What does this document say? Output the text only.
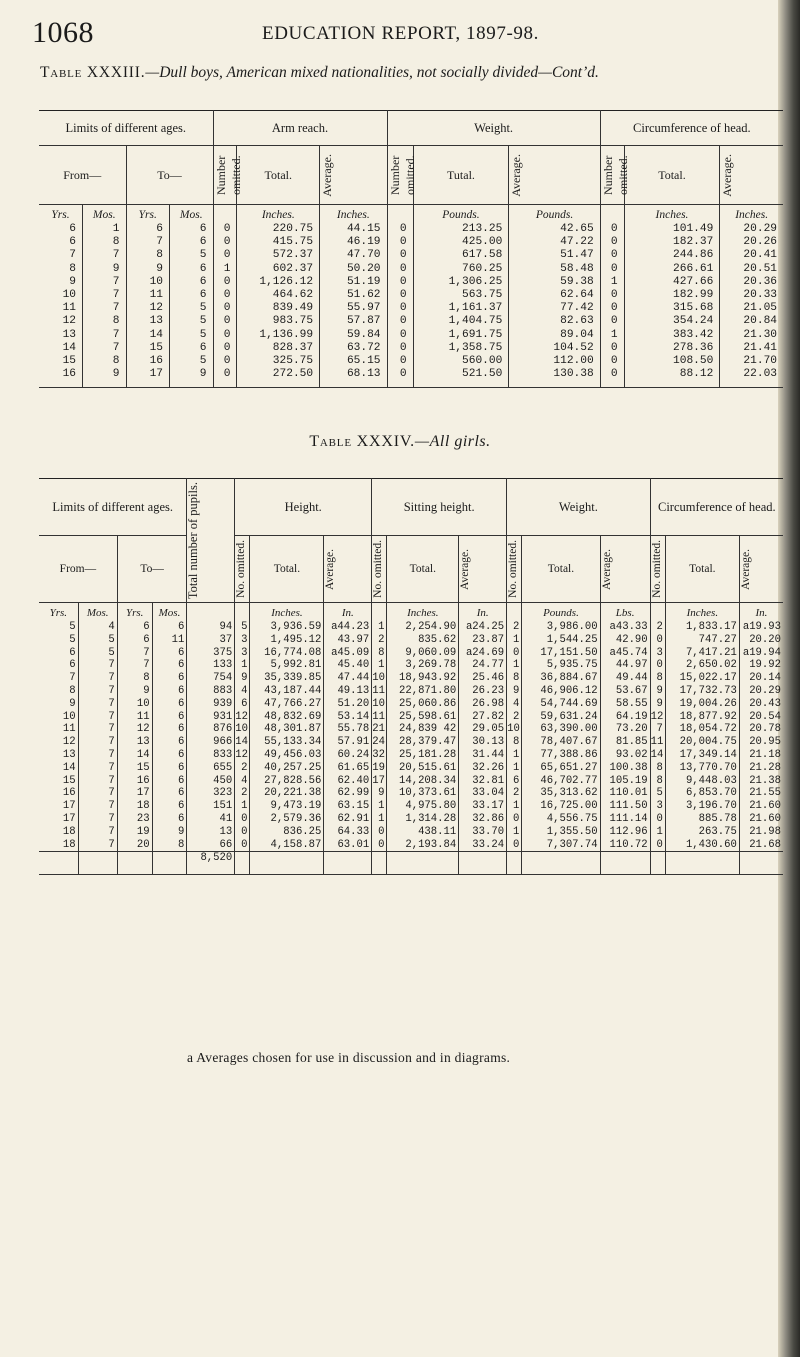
1068	EDUCATION REPORT, 1897-98.
Table XXXIII.—Dull boys, American mixed nationalities, not socially divided—Cont’d.
Limits of different ages.				Arm reach.			Weight.			Circumference of head.		
From—		To—		Number omitted.	Total.	Average.	Number omitted.	Tutal.	Average.	Number omitted.	Total.	Average.

Yrs.	Mos.	Yrs.	Mos.		Inches.	Inches.		Pounds.	Pounds.		Inches.	Inches.
6	1	6	6	0	220.75	44.15	0	213.25	42.65	0	101.49	20.29
6	8	7	6	0	415.75	46.19	0	425.00	47.22	0	182.37	20.26
7	7	8	5	0	572.37	47.70	0	617.58	51.47	0	244.86	20.41
8	9	9	6	1	602.37	50.20	0	760.25	58.48	0	266.61	20.51
9	7	10	6	0	1,126.12	51.19	0	1,306.25	59.38	1	427.66	20.36
10	7	11	6	0	464.62	51.62	0	563.75	62.64	0	182.99	20.33
11	7	12	5	0	839.49	55.97	0	1,161.37	77.42	0	315.68	21.05
12	8	13	5	0	983.75	57.87	0	1,404.75	82.63	0	354.24	20.84
13	7	14	5	0	1,136.99	59.84	0	1,691.75	89.04	1	383.42	21.30
14	7	15	6	0	828.37	63.72	0	1,358.75	104.52	0	278.36	21.41
15	8	16	5	0	325.75	65.15	0	560.00	112.00	0	108.50	21.70
16	9	17	9	0	272.50	68.13	0	521.50	130.38	0	88.12	22.03

Table XXXIV.—All girls.
Limits of different ages.				Total number of pupils.	Height.			Sitting height.			Weight.			Circumference of head.		
From—		To—			No. omitted.	Total.	Average.	No. omitted.	Total.	Average.	No. omitted.	Total.	Average.	No. omitted.	Total.	Average.

Yrs.	Mos.	Yrs.	Mos.			Inches.	In.		Inches.	In.		Pounds.	Lbs.		Inches.	In.
5	4	6	6	94	5	3,936.59	a44.23	1	2,254.90	a24.25	2	3,986.00	a43.33	2	1,833.17	a19.93
5	5	6	11	37	3	1,495.12	43.97	2	835.62	23.87	1	1,544.25	42.90	0	747.27	20.20
6	5	7	6	375	3	16,774.08	a45.09	8	9,060.09	a24.69	0	17,151.50	a45.74	3	7,417.21	a19.94
6	7	7	6	133	1	5,992.81	45.40	1	3,269.78	24.77	1	5,935.75	44.97	0	2,650.02	19.92
7	7	8	6	754	9	35,339.85	47.44	10	18,943.92	25.46	8	36,884.67	49.44	8	15,022.17	20.14
8	7	9	6	883	4	43,187.44	49.13	11	22,871.80	26.23	9	46,906.12	53.67	9	17,732.73	20.29
9	7	10	6	939	6	47,766.27	51.20	10	25,060.86	26.98	4	54,744.69	58.55	9	19,004.26	20.43
10	7	11	6	931	12	48,832.69	53.14	11	25,598.61	27.82	2	59,631.24	64.19	12	18,877.92	20.54
11	7	12	6	876	10	48,301.87	55.78	21	24,839 42	29.05	10	63,390.00	73.20	7	18,054.72	20.78
12	7	13	6	966	14	55,133.34	57.91	24	28,379.47	30.13	8	78,407.67	81.85	11	20,004.75	20.95
13	7	14	6	833	12	49,456.03	60.24	32	25,181.28	31.44	1	77,388.86	93.02	14	17,349.14	21.18
14	7	15	6	655	2	40,257.25	61.65	19	20,515.61	32.26	1	65,651.27	100.38	8	13,770.70	21.28
15	7	16	6	450	4	27,828.56	62.40	17	14,208.34	32.81	6	46,702.77	105.19	8	9,448.03	21.38
16	7	17	6	323	2	20,221.38	62.99	9	10,373.61	33.04	2	35,313.62	110.01	5	6,853.70	21.55
17	7	18	6	151	1	9,473.19	63.15	1	4,975.80	33.17	1	16,725.00	111.50	3	3,196.70	21.60
17	7	23	6	41	0	2,579.36	62.91	1	1,314.28	32.86	0	4,556.75	111.14	0	885.78	21.60
18	7	19	9	13	0	836.25	64.33	0	438.11	33.70	1	1,355.50	112.96	1	263.75	21.98
18	7	20	8	66	0	4,158.87	63.01	0	2,193.84	33.24	0	7,307.74	110.72	0	1,430.60	21.68
				8,520												

a Averages chosen for use in discussion and in diagrams.
